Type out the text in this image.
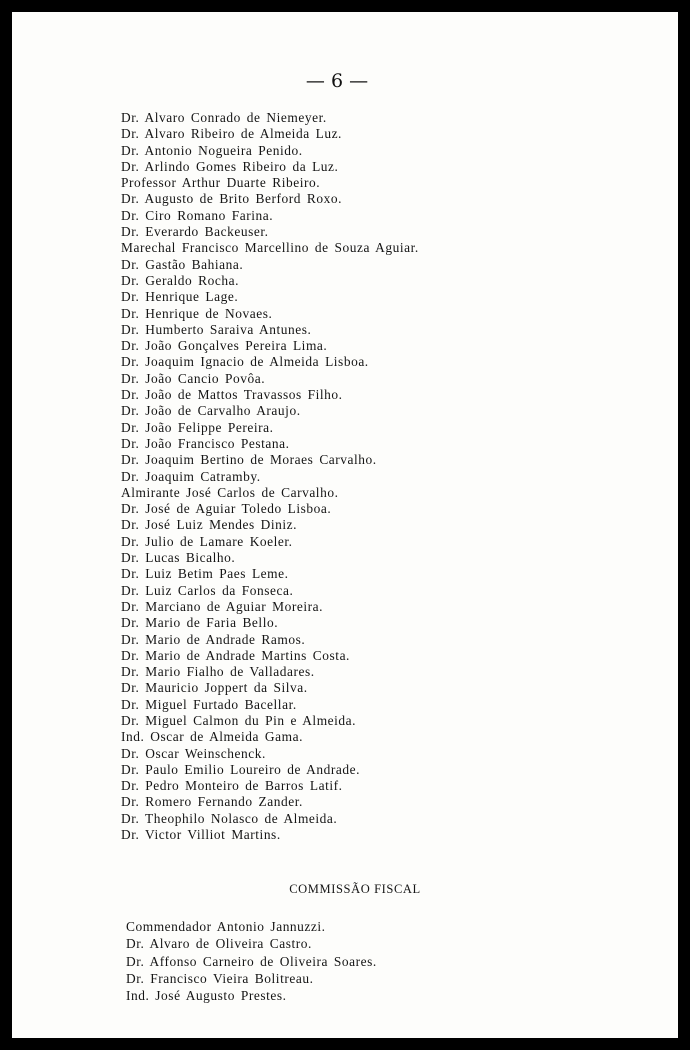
— 6 —
Dr. Alvaro Conrado de Niemeyer.
Dr. Alvaro Ribeiro de Almeida Luz.
Dr. Antonio Nogueira Penido.
Dr. Arlindo Gomes Ribeiro da Luz.
Professor Arthur Duarte Ribeiro.
Dr. Augusto de Brito Berford Roxo.
Dr. Ciro Romano Farina.
Dr. Everardo Backeuser.
Marechal Francisco Marcellino de Souza Aguiar.
Dr. Gastão Bahiana.
Dr. Geraldo Rocha.
Dr. Henrique Lage.
Dr. Henrique de Novaes.
Dr. Humberto Saraiva Antunes.
Dr. João Gonçalves Pereira Lima.
Dr. Joaquim Ignacio de Almeida Lisboa.
Dr. João Cancio Povôa.
Dr. João de Mattos Travassos Filho.
Dr. João de Carvalho Araujo.
Dr. João Felippe Pereira.
Dr. João Francisco Pestana.
Dr. Joaquim Bertino de Moraes Carvalho.
Dr. Joaquim Catramby.
Almirante José Carlos de Carvalho.
Dr. José de Aguiar Toledo Lisboa.
Dr. José Luiz Mendes Diniz.
Dr. Julio de Lamare Koeler.
Dr. Lucas Bicalho.
Dr. Luiz Betim Paes Leme.
Dr. Luiz Carlos da Fonseca.
Dr. Marciano de Aguiar Moreira.
Dr. Mario de Faria Bello.
Dr. Mario de Andrade Ramos.
Dr. Mario de Andrade Martins Costa.
Dr. Mario Fialho de Valladares.
Dr. Mauricio Joppert da Silva.
Dr. Miguel Furtado Bacellar.
Dr. Miguel Calmon du Pin e Almeida.
Ind. Oscar de Almeida Gama.
Dr. Oscar Weinschenck.
Dr. Paulo Emilio Loureiro de Andrade.
Dr. Pedro Monteiro de Barros Latif.
Dr. Romero Fernando Zander.
Dr. Theophilo Nolasco de Almeida.
Dr. Victor Villiot Martins.
COMMISSÃO FISCAL
Commendador Antonio Jannuzzi.
Dr. Alvaro de Oliveira Castro.
Dr. Affonso Carneiro de Oliveira Soares.
Dr. Francisco Vieira Bolitreau.
Ind. José Augusto Prestes.
